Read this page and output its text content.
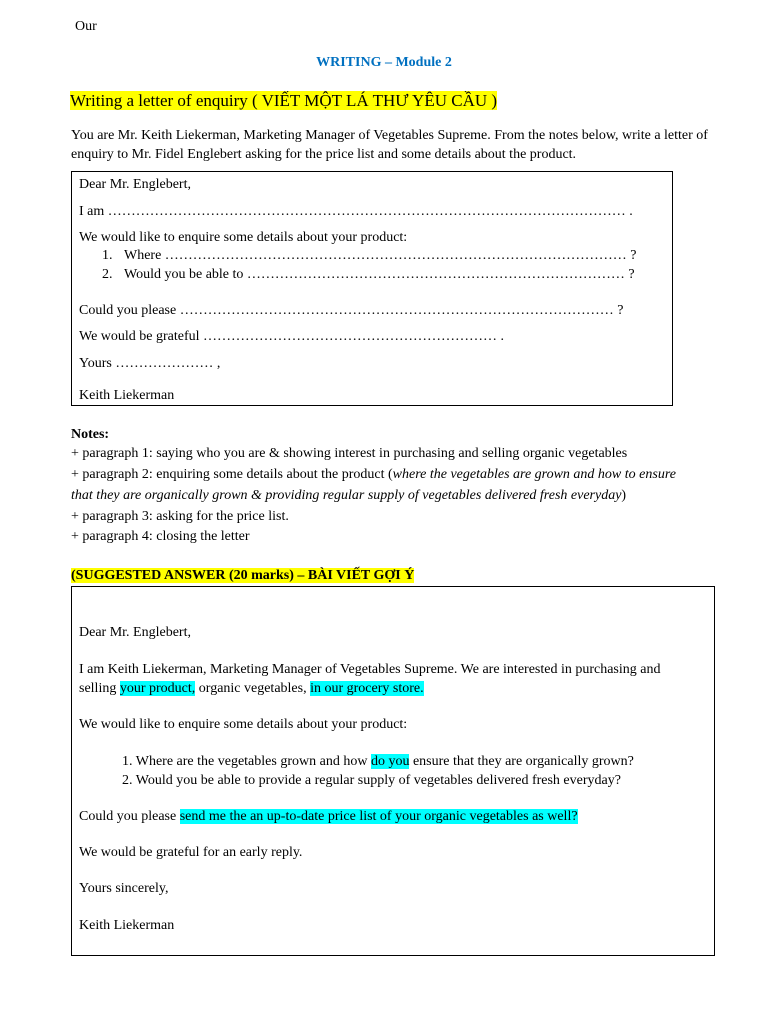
Our
WRITING – Module 2
Writing a letter of enquiry ( VIẾT MỘT LÁ THƯ YÊU CẦU )
You are Mr. Keith Liekerman, Marketing Manager of Vegetables Supreme. From the notes below, write a letter of
enquiry to Mr. Fidel Englebert asking for the price list and some details about the product.
Dear Mr. Englebert,
I am ………………………………………………………………………………………………… .
We would like to enquire some details about your product:
1. Where ……………………………………………………………………………………… ?
2. Would you be able to ……………………………………………………………………… ?
Could you please ………………………………………………………………………………… ?
We would be grateful ……………………………………………………… .
Yours ………………… ,
Keith Liekerman
Notes:
+ paragraph 1: saying who you are & showing interest in purchasing and selling organic vegetables
+ paragraph 2: enquiring some details about the product (where the vegetables are grown and how to ensure
that they are organically grown & providing regular supply of vegetables delivered fresh everyday)
+ paragraph 3: asking for the price list.
+ paragraph 4: closing the letter
(SUGGESTED ANSWER (20 marks) – BÀI VIẾT GỢI Ý
Dear Mr. Englebert,
I am Keith Liekerman, Marketing Manager of Vegetables Supreme. We are interested in purchasing and
selling your product, organic vegetables, in our grocery store.
We would like to enquire some details about your product:
1. Where are the vegetables grown and how do you ensure that they are organically grown?
2. Would you be able to provide a regular supply of vegetables delivered fresh everyday?
Could you please send me the an up-to-date price list of your organic vegetables as well?
We would be grateful for an early reply.
Yours sincerely,
Keith Liekerman
